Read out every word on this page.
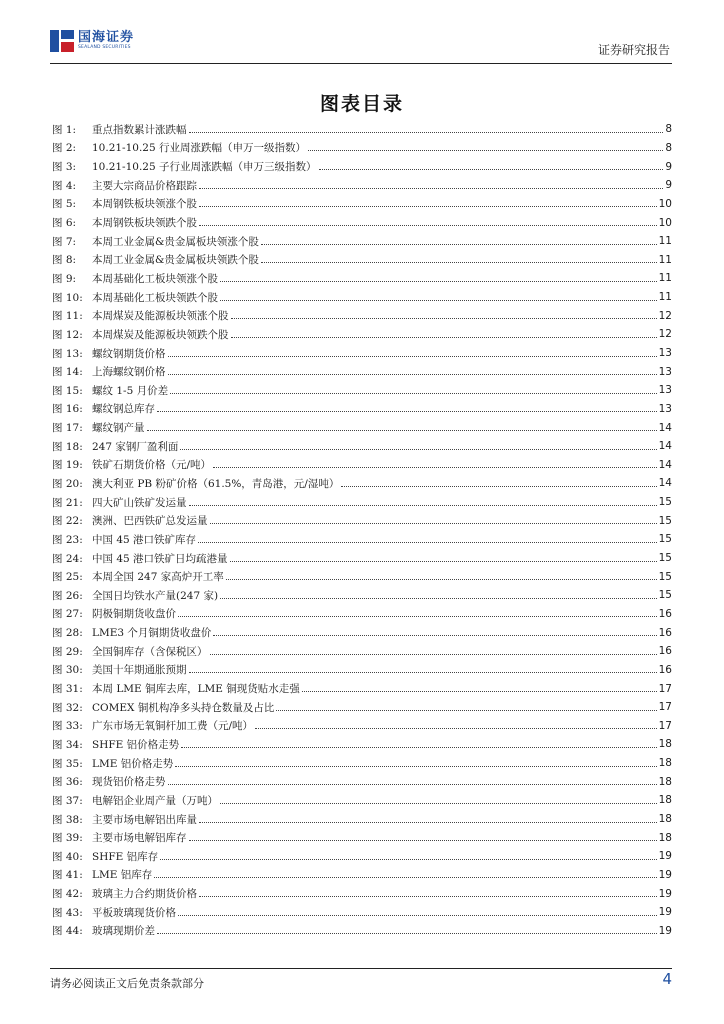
国海证券
SEALAND SECURITIES	证券研究报告
图表目录
图 1:	重点指数累计涨跌幅	8
图 2:	10.21-10.25 行业周涨跌幅（申万一级指数）	8
图 3:	10.21-10.25 子行业周涨跌幅（申万三级指数）	9
图 4:	主要大宗商品价格跟踪	9
图 5:	本周钢铁板块领涨个股	10
图 6:	本周钢铁板块领跌个股	10
图 7:	本周工业金属&贵金属板块领涨个股	11
图 8:	本周工业金属&贵金属板块领跌个股	11
图 9:	本周基础化工板块领涨个股	11
图 10: 本周基础化工板块领跌个股	11
图 11: 本周煤炭及能源板块领涨个股	12
图 12: 本周煤炭及能源板块领跌个股	12
图 13: 螺纹钢期货价格	13
图 14: 上海螺纹钢价格	13
图 15: 螺纹 1-5 月价差	13
图 16: 螺纹钢总库存	13
图 17: 螺纹钢产量	14
图 18: 247 家钢厂盈利面	14
图 19: 铁矿石期货价格（元/吨）	14
图 20: 澳大利亚 PB 粉矿价格（61.5%，青岛港，元/湿吨）	14
图 21: 四大矿山铁矿发运量	15
图 22: 澳洲、巴西铁矿总发运量	15
图 23: 中国 45 港口铁矿库存	15
图 24: 中国 45 港口铁矿日均疏港量	15
图 25: 本周全国 247 家高炉开工率	15
图 26: 全国日均铁水产量(247 家)	15
图 27: 阴极铜期货收盘价	16
图 28: LME3 个月铜期货收盘价	16
图 29: 全国铜库存（含保税区）	16
图 30: 美国十年期通胀预期	16
图 31: 本周 LME 铜库去库，LME 铜现货贴水走强	17
图 32: COMEX 铜机构净多头持仓数量及占比	17
图 33: 广东市场无氧铜杆加工费（元/吨）	17
图 34: SHFE 铝价格走势	18
图 35: LME 铝价格走势	18
图 36: 现货铝价格走势	18
图 37: 电解铝企业周产量（万吨）	18
图 38: 主要市场电解铝出库量	18
图 39: 主要市场电解铝库存	18
图 40: SHFE 铝库存	19
图 41: LME 铝库存	19
图 42: 玻璃主力合约期货价格	19
图 43: 平板玻璃现货价格	19
图 44: 玻璃现期价差	19
请务必阅读正文后免责条款部分	4
